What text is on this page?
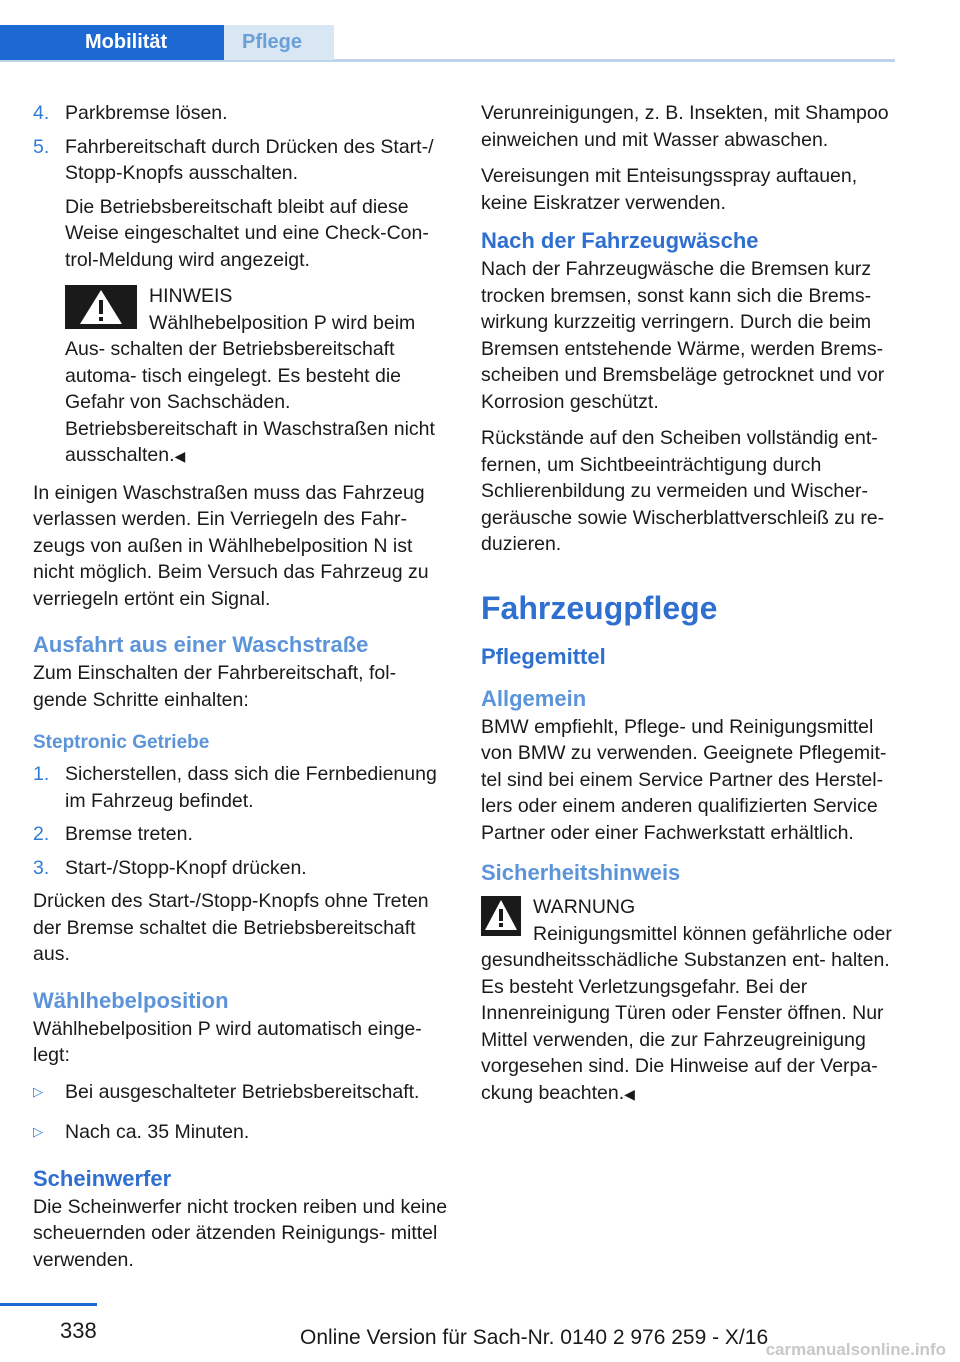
Mobilität	Pflege
4. Parkbremse lösen.
5. Fahrbereitschaft durch Drücken des Start-/ Stopp-Knopfs ausschalten.

Die Betriebsbereitschaft bleibt auf diese Weise eingeschaltet und eine Check-Con- trol-Meldung wird angezeigt.

HINWEIS
Wählhebelposition P wird beim Aus- schalten der Betriebsbereitschaft automa- tisch eingelegt. Es besteht die Gefahr von Sachschäden. Betriebsbereitschaft in Waschstraßen nicht ausschalten.◀

In einigen Waschstraßen muss das Fahrzeug verlassen werden. Ein Verriegeln des Fahr- zeugs von außen in Wählhebelposition N ist nicht möglich. Beim Versuch das Fahrzeug zu verriegeln ertönt ein Signal.

Ausfahrt aus einer Waschstraße

Zum Einschalten der Fahrbereitschaft, fol- gende Schritte einhalten:

Steptronic Getriebe
1. Sicherstellen, dass sich die Fernbedienung im Fahrzeug befindet.
2. Bremse treten.
3. Start-/Stopp-Knopf drücken.

Drücken des Start-/Stopp-Knopfs ohne Treten der Bremse schaltet die Betriebsbereitschaft aus.

Wählhebelposition

Wählhebelposition P wird automatisch einge- legt:

▷ Bei ausgeschalteter Betriebsbereitschaft.
▷ Nach ca. 35 Minuten.
Scheinwerfer

Die Scheinwerfer nicht trocken reiben und keine scheuernden oder ätzenden Reinigungs- mittel verwenden.

Verunreinigungen, z. B. Insekten, mit Shampoo einweichen und mit Wasser abwaschen.

Vereisungen mit Enteisungsspray auftauen, keine Eiskratzer verwenden.

Nach der Fahrzeugwäsche

Nach der Fahrzeugwäsche die Bremsen kurz trocken bremsen, sonst kann sich die Brems- wirkung kurzzeitig verringern. Durch die beim Bremsen entstehende Wärme, werden Brems- scheiben und Bremsbeläge getrocknet und vor Korrosion geschützt.

Rückstände auf den Scheiben vollständig ent- fernen, um Sichtbeeinträchtigung durch Schlierenbildung zu vermeiden und Wischer- geräusche sowie Wischerblattverschleiß zu re- duzieren.

Fahrzeugpflege
Pflegemittel
Allgemein

BMW empfiehlt, Pflege- und Reinigungsmittel von BMW zu verwenden. Geeignete Pflegemit- tel sind bei einem Service Partner des Herstel- lers oder einem anderen qualifizierten Service Partner oder einer Fachwerkstatt erhältlich.

Sicherheitshinweis
WARNUNG
Reinigungsmittel können gefährliche oder gesundheitsschädliche Substanzen ent- halten. Es besteht Verletzungsgefahr. Bei der Innenreinigung Türen oder Fenster öffnen. Nur Mittel verwenden, die zur Fahrzeugreinigung vorgesehen sind. Die Hinweise auf der Verpa- ckung beachten.◀
338	Online Version für Sach-Nr. 0140 2 976 259 - X/16
carmanualsonline.info
